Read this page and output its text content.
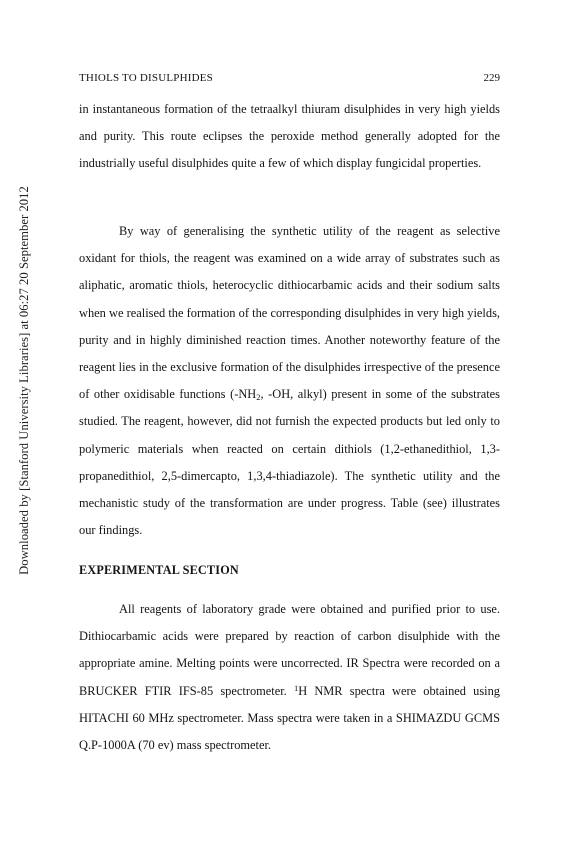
Downloaded by [Stanford University Libraries] at 06:27 20 September 2012
THIOLS TO DISULPHIDES	229

in instantaneous formation of the tetraalkyl thiuram disulphides in very high yields and purity. This route eclipses the peroxide method generally adopted for the industrially useful disulphides quite a few of which display fungicidal properties.

By way of generalising the synthetic utility of the reagent as selective oxidant for thiols, the reagent was examined on a wide array of substrates such as aliphatic, aromatic thiols, heterocyclic dithiocarbamic acids and their sodium salts when we realised the formation of the corresponding disulphides in very high yields, purity and in highly diminished reaction times. Another noteworthy feature of the reagent lies in the exclusive formation of the disulphides irrespective of the presence of other oxidisable functions ($-NH_2$, -OH, alkyl) present in some of the substrates studied. The reagent, however, did not furnish the expected products but led only to polymeric materials when reacted on certain dithiols (1,2-ethanedithiol, 1,3-propanedithiol, 2,5-dimercapto, 1,3,4-thiadiazole). The synthetic utility and the mechanistic study of the transformation are under progress. Table (see) illustrates our findings.

EXPERIMENTAL SECTION

All reagents of laboratory grade were obtained and purified prior to use. Dithiocarbamic acids were prepared by reaction of carbon disulphide with the appropriate amine. Melting points were uncorrected. IR Spectra were recorded on a BRUCKER FTIR IFS-85 spectrometer. $^1$H NMR spectra were obtained using HITACHI 60 MHz spectrometer. Mass spectra were taken in a SHIMAZDU GCMS Q.P-1000A (70 ev) mass spectrometer.
